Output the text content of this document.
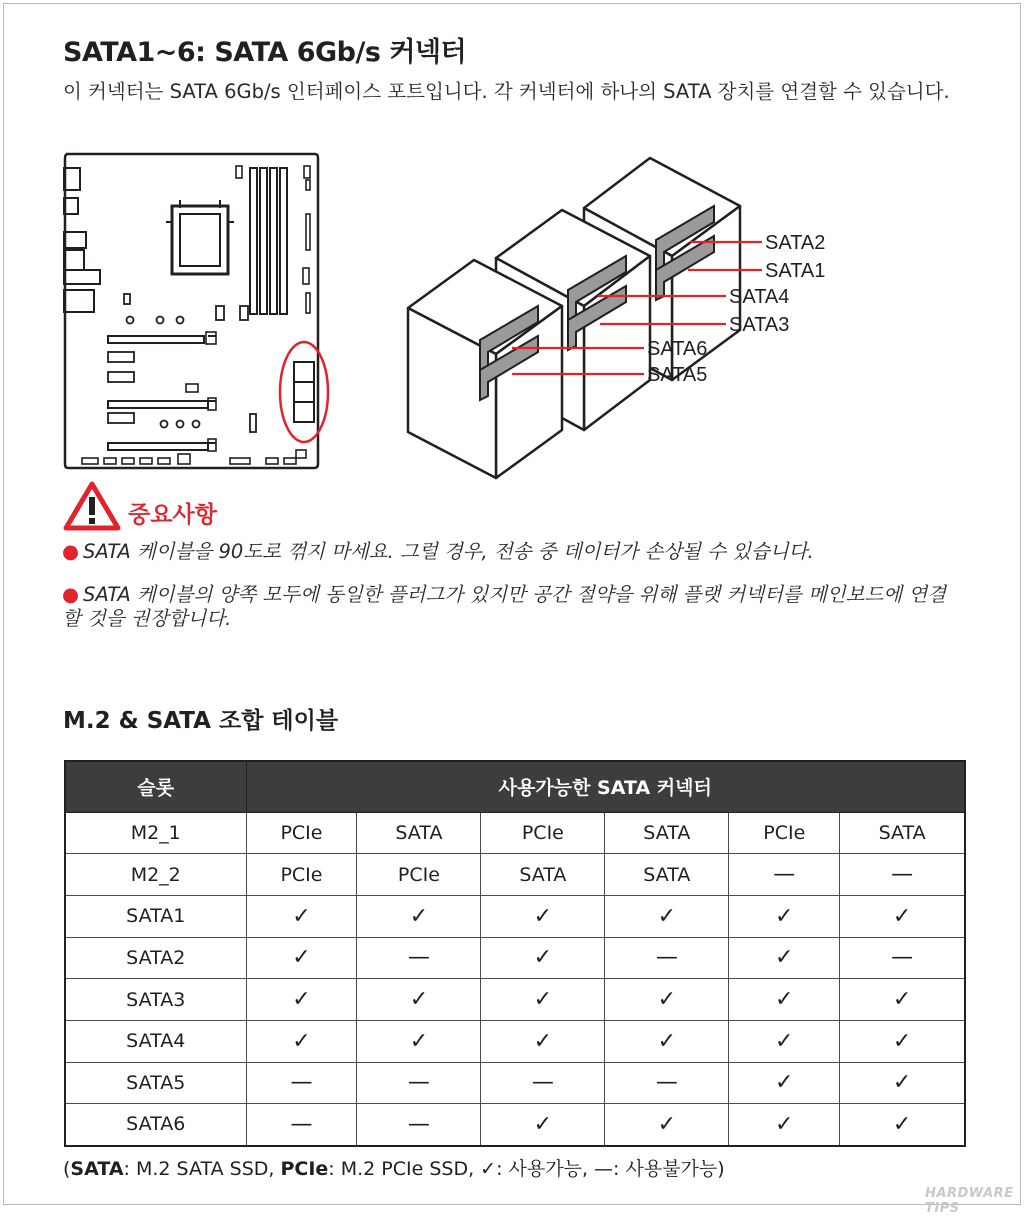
SATA1~6: SATA 6Gb/s 커넥터

이 커넥터는 SATA 6Gb/s 인터페이스 포트입니다. 각 커넥터에 하나의 SATA 장치를 연결할 수 있습니다.

SATA2
SATA1
SATA4
SATA3
SATA6
SATA5
중요사항

● SATA 케이블을 90도로 꺾지 마세요. 그럴 경우, 전송 중 데이터가 손상될 수 있습니다.

● SATA 케이블의 양쪽 모두에 동일한 플러그가 있지만 공간 절약을 위해 플랫 커넥터를 메인보드에 연결할 것을 권장합니다.

M.2 & SATA 조합 테이블
슬롯	사용가능한 SATA 커넥터					
M2_1	PCIe	SATA	PCIe	SATA	PCIe	SATA
M2_2	PCIe	PCIe	SATA	SATA	—	—
SATA1	✓	✓	✓	✓	✓	✓
SATA2	✓	—	✓	—	✓	—
SATA3	✓	✓	✓	✓	✓	✓
SATA4	✓	✓	✓	✓	✓	✓
SATA5	—	—	—	—	✓	✓
SATA6	—	—	✓	✓	✓	✓

(SATA: M.2 SATA SSD, PCIe: M.2 PCIe SSD, ✓: 사용가능, —: 사용불가능)

HARDWARE TIPS
